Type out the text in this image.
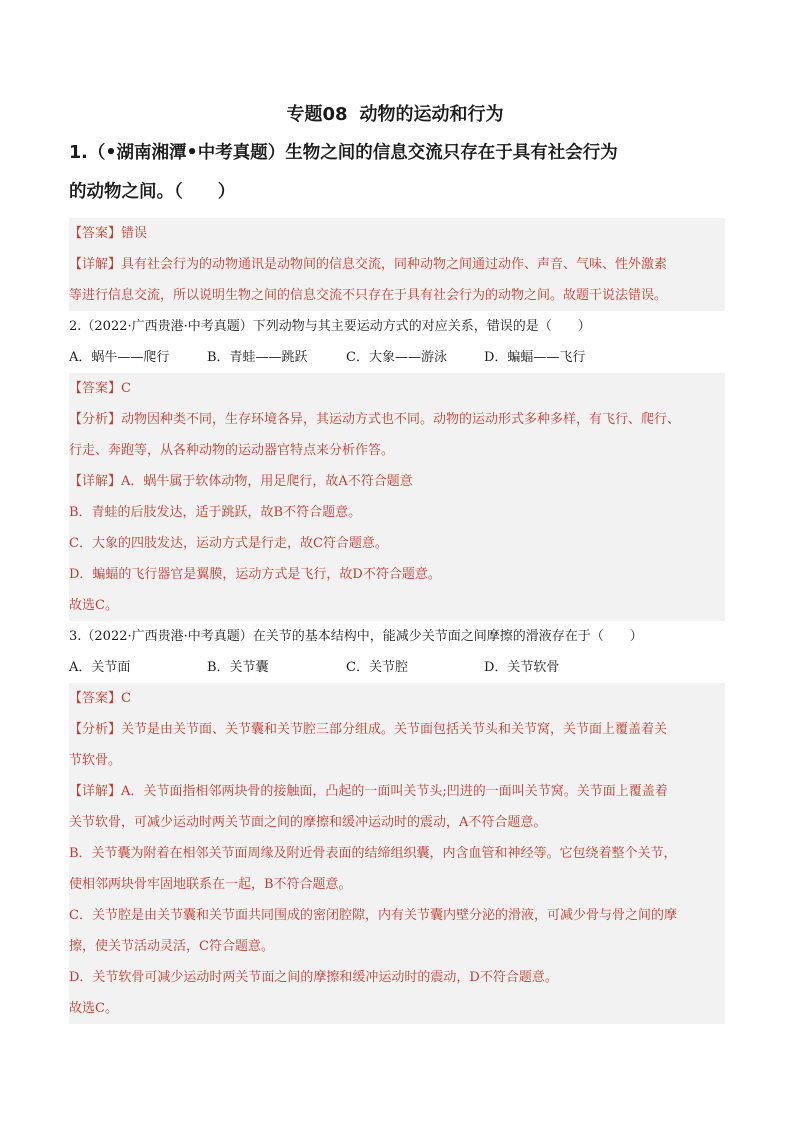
专题08 动物的运动和行为
1.（•湖南湘潭•中考真题）生物之间的信息交流只存在于具有社会行为
的动物之间。（　　）
【答案】错误
【详解】具有社会行为的动物通讯是动物间的信息交流，同种动物之间通过动作、声音、气味、性外激素
等进行信息交流，所以说明生物之间的信息交流不只存在于具有社会行为的动物之间。故题干说法错误。
2.（2022·广西贵港·中考真题）下列动物与其主要运动方式的对应关系，错误的是（　　）
A．蜗牛——爬行	B．青蛙——跳跃	C．大象——游泳	D．蝙蝠——飞行
【答案】C
【分析】动物因种类不同，生存环境各异，其运动方式也不同。动物的运动形式多种多样，有飞行、爬行、
行走、奔跑等，从各种动物的运动器官特点来分析作答。
【详解】A．蜗牛属于软体动物，用足爬行，故A不符合题意
B．青蛙的后肢发达，适于跳跃，故B不符合题意。
C．大象的四肢发达，运动方式是行走，故C符合题意。
D．蝙蝠的飞行器官是翼膜，运动方式是飞行，故D不符合题意。
故选C。
3.（2022·广西贵港·中考真题）在关节的基本结构中，能减少关节面之间摩擦的滑液存在于（　　）
A．关节面	B．关节囊	C．关节腔	D．关节软骨
【答案】C
【分析】关节是由关节面、关节囊和关节腔三部分组成。关节面包括关节头和关节窝，关节面上覆盖着关
节软骨。
【详解】A．关节面指相邻两块骨的接触面，凸起的一面叫关节头;凹进的一面叫关节窝。关节面上覆盖着
关节软骨，可减少运动时两关节面之间的摩擦和缓冲运动时的震动，A不符合题意。
B．关节囊为附着在相邻关节面周缘及附近骨表面的结缔组织囊，内含血管和神经等。它包绕着整个关节，
使相邻两块骨牢固地联系在一起，B不符合题意。
C．关节腔是由关节囊和关节面共同围成的密闭腔隙，内有关节囊内壁分泌的滑液，可减少骨与骨之间的摩
擦，使关节活动灵活，C符合题意。
D．关节软骨可减少运动时两关节面之间的摩擦和缓冲运动时的震动，D不符合题意。
故选C。
